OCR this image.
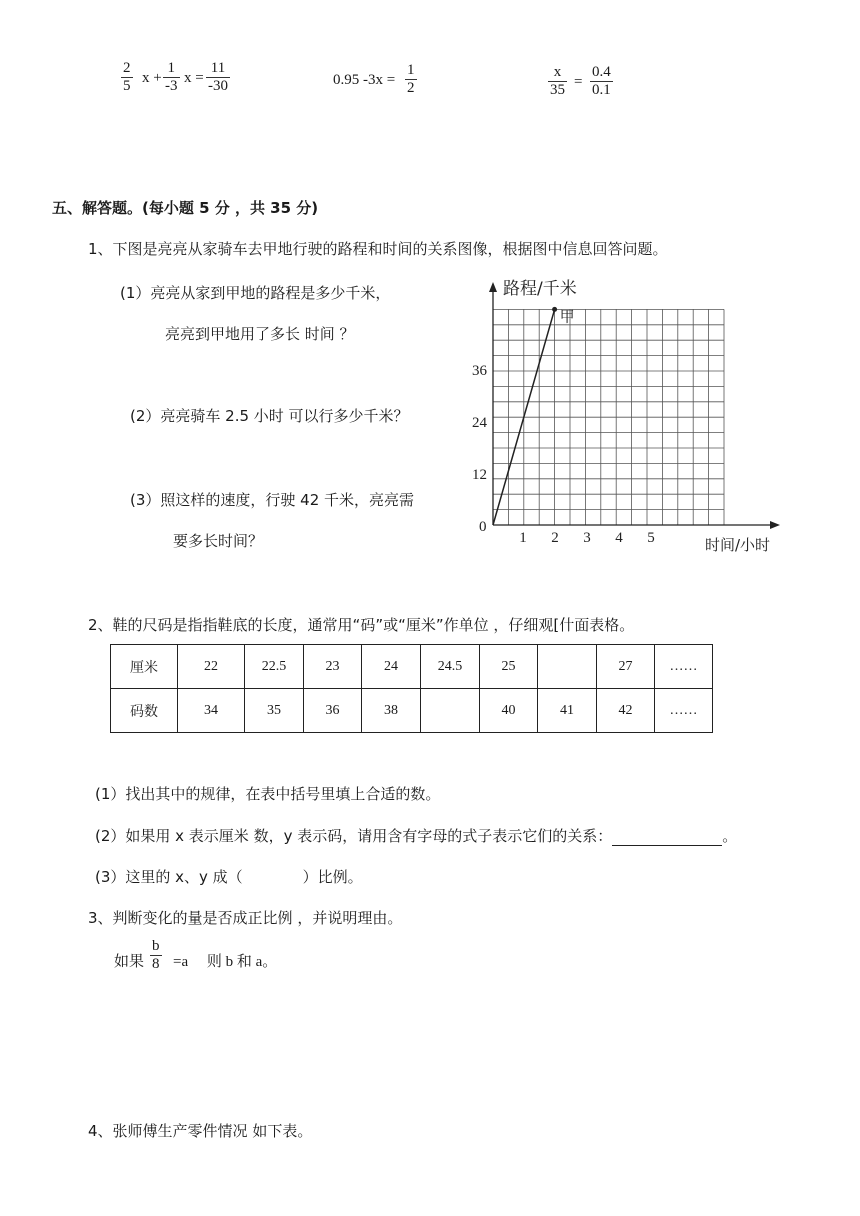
$\frac{2}{5}$ $x + \frac{1}{-3}$ $x = \frac{11}{-30}$	0.95 $-3x = \frac{1}{2}$	$\frac{x}{35} = \frac{0.4}{0.1}$
五、解答题。(每小题 5 分 ，共 35 分)
1、下图是亮亮从家骑车去甲地行驶的路程和时间的关系图像，根据图中信息回答问题。
(1）亮亮从家到甲地的路程是多少千米，
亮亮到甲地用了多长 时间 ？
(2）亮亮骑车 2.5 小时 可以行多少千米？
(3）照这样的速度，行驶 42 千米，亮亮需
要多长时间？
路程/千米
时间/小时
0
1 2 3 4 5
12
24
36
甲
2、鞋的尺码是指指鞋底的长度，通常用“码”或“厘米”作单位 ，仔细观[什面表格。
厘米	22	22.5	23	24	24.5	25		27	……
码数	34	35	36	38		40	41	42	……
(1）找出其中的规律，在表中括号里填上合适的数。
(2）如果用 x 表示厘米 数，y 表示码，请用含有字母的式子表示它们的关系：	。
(3）这里的 x、y 成（　　　　）比例。
3、判断变化的量是否成正比例 ，并说明理由。
如果 $\frac{b}{8} =a$　 则 b 和 a。
4、张师傅生产零件情况 如下表。
